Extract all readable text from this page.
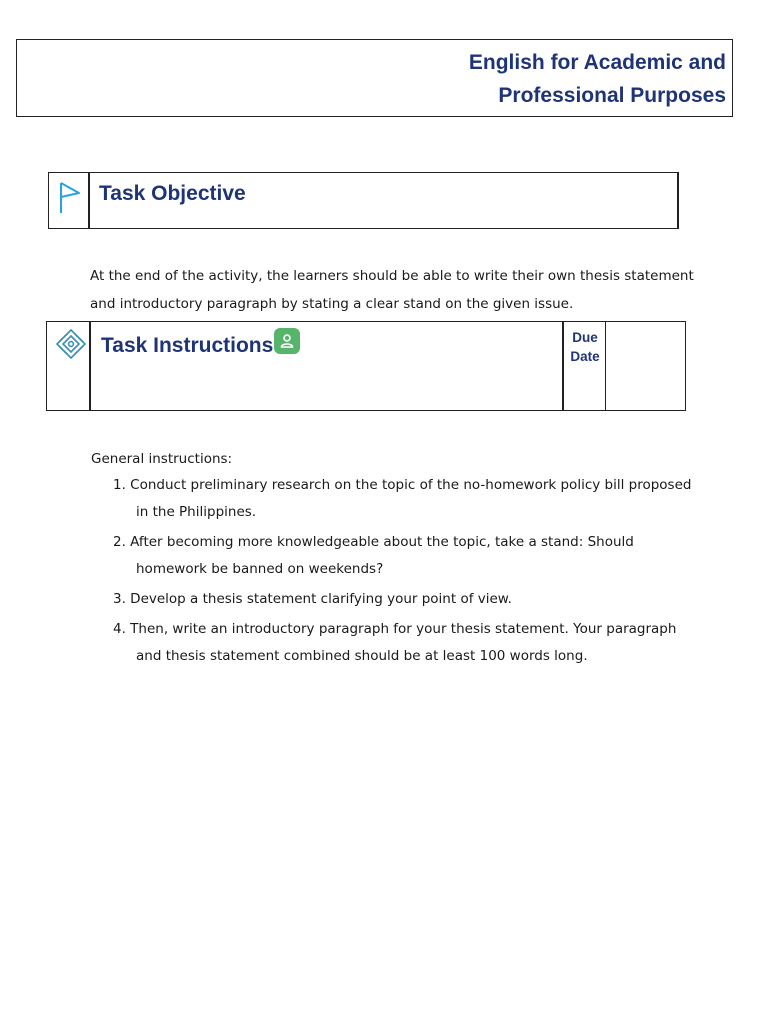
English for Academic and
Professional Purposes
Task Objective
At the end of the activity, the learners should be able to write their own thesis statement
and introductory paragraph by stating a clear stand on the given issue.
Task Instructions	Due Date
General instructions:
1. Conduct preliminary research on the topic of the no-homework policy bill proposed
in the Philippines.
2. After becoming more knowledgeable about the topic, take a stand: Should
homework be banned on weekends?
3. Develop a thesis statement clarifying your point of view.
4. Then, write an introductory paragraph for your thesis statement. Your paragraph
and thesis statement combined should be at least 100 words long.
